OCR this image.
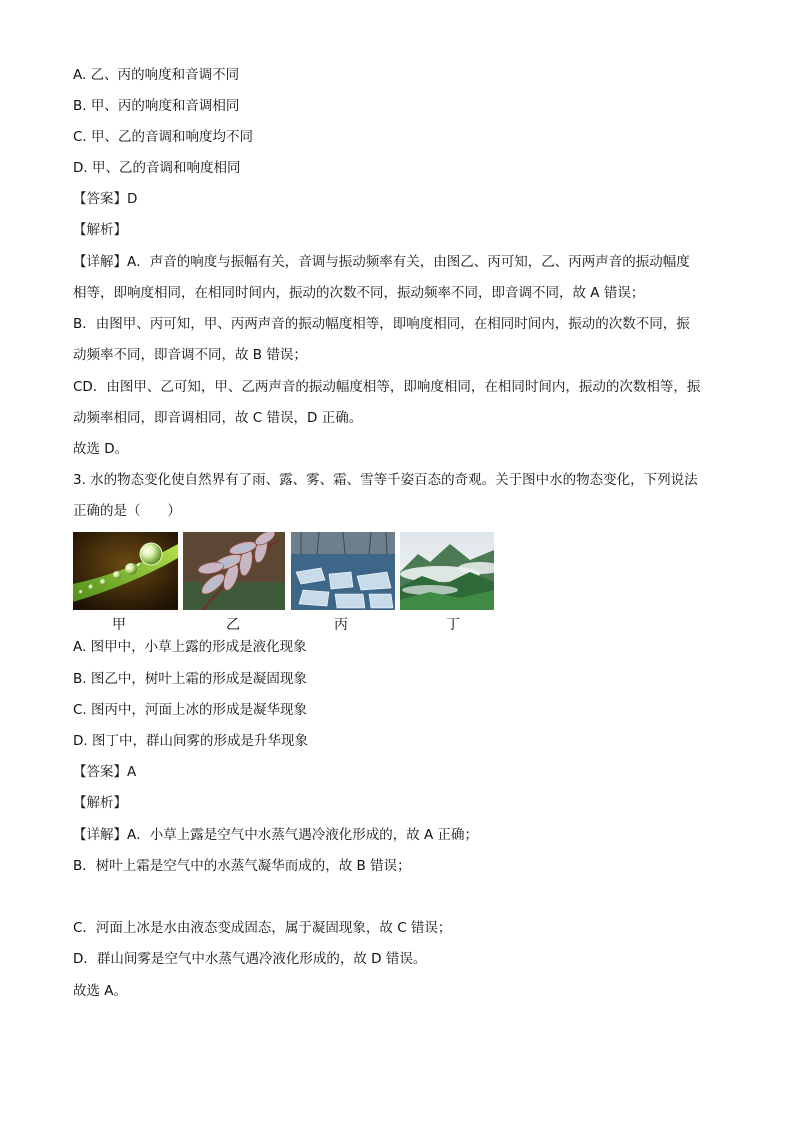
A. 乙、丙的响度和音调不同
B. 甲、丙的响度和音调相同
C. 甲、乙的音调和响度均不同
D. 甲、乙的音调和响度相同
【答案】D
【解析】
【详解】A．声音的响度与振幅有关，音调与振动频率有关，由图乙、丙可知，乙、丙两声音的振动幅度
相等，即响度相同，在相同时间内，振动的次数不同，振动频率不同，即音调不同，故 A 错误；
B．由图甲、丙可知，甲、丙两声音的振动幅度相等，即响度相同，在相同时间内，振动的次数不同，振
动频率不同，即音调不同，故 B 错误；
CD．由图甲、乙可知，甲、乙两声音的振动幅度相等，即响度相同，在相同时间内，振动的次数相等，振
动频率相同，即音调相同，故 C 错误，D 正确。
故选 D。
3. 水的物态变化使自然界有了雨、露、雾、霜、雪等千姿百态的奇观。关于图中水的物态变化，下列说法
正确的是（　　）
甲	乙	丙	丁
A. 图甲中，小草上露的形成是液化现象
B. 图乙中，树叶上霜的形成是凝固现象
C. 图丙中，河面上冰的形成是凝华现象
D. 图丁中，群山间雾的形成是升华现象
【答案】A
【解析】
【详解】A．小草上露是空气中水蒸气遇冷液化形成的，故 A 正确；
B．树叶上霜是空气中的水蒸气凝华而成的，故 B 错误；
C．河面上冰是水由液态变成固态，属于凝固现象，故 C 错误；
D．群山间雾是空气中水蒸气遇冷液化形成的，故 D 错误。
故选 A。
